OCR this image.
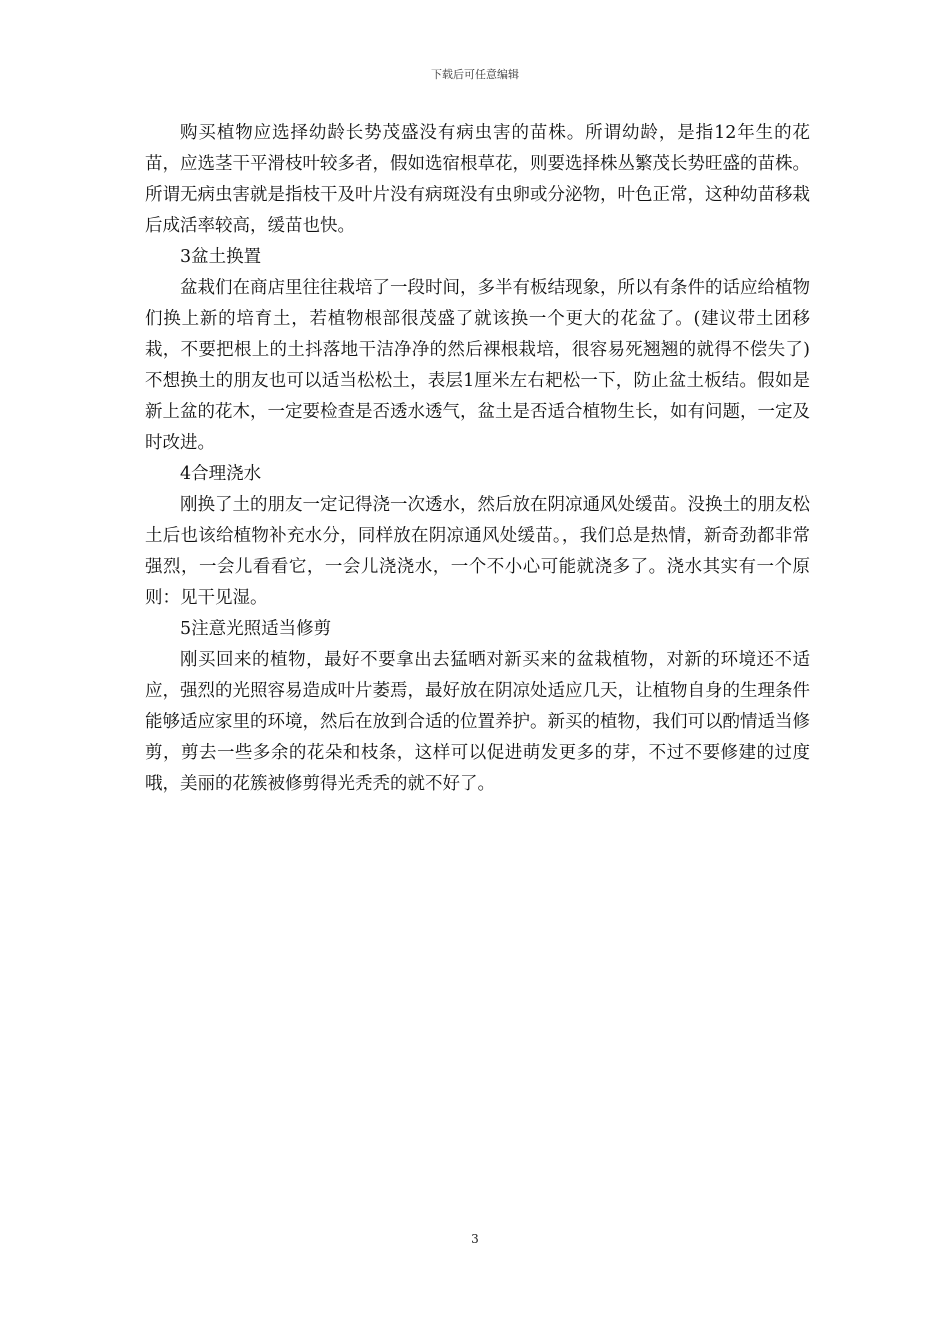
下载后可任意编辑

购买植物应选择幼龄长势茂盛没有病虫害的苗株。所谓幼龄，是指12年生的花苗，应选茎干平滑枝叶较多者，假如选宿根草花，则要选择株丛繁茂长势旺盛的苗株。所谓无病虫害就是指枝干及叶片没有病斑没有虫卵或分泌物，叶色正常，这种幼苗移栽后成活率较高，缓苗也快。

3盆土换置

盆栽们在商店里往往栽培了一段时间，多半有板结现象，所以有条件的话应给植物们换上新的培育土，若植物根部很茂盛了就该换一个更大的花盆了。(建议带土团移栽，不要把根上的土抖落地干洁净净的然后裸根栽培，很容易死翘翘的就得不偿失了)不想换土的朋友也可以适当松松土，表层1厘米左右耙松一下，防止盆土板结。假如是新上盆的花木，一定要检查是否透水透气，盆土是否适合植物生长，如有问题，一定及时改进。

4合理浇水

刚换了土的朋友一定记得浇一次透水，然后放在阴凉通风处缓苗。没换土的朋友松土后也该给植物补充水分，同样放在阴凉通风处缓苗。，我们总是热情，新奇劲都非常强烈，一会儿看看它，一会儿浇浇水，一个不小心可能就浇多了。浇水其实有一个原则：见干见湿。

5注意光照适当修剪

刚买回来的植物，最好不要拿出去猛晒对新买来的盆栽植物，对新的环境还不适应，强烈的光照容易造成叶片萎焉，最好放在阴凉处适应几天，让植物自身的生理条件能够适应家里的环境，然后在放到合适的位置养护。新买的植物，我们可以酌情适当修剪，剪去一些多余的花朵和枝条，这样可以促进萌发更多的芽，不过不要修建的过度哦，美丽的花簇被修剪得光秃秃的就不好了。

3
